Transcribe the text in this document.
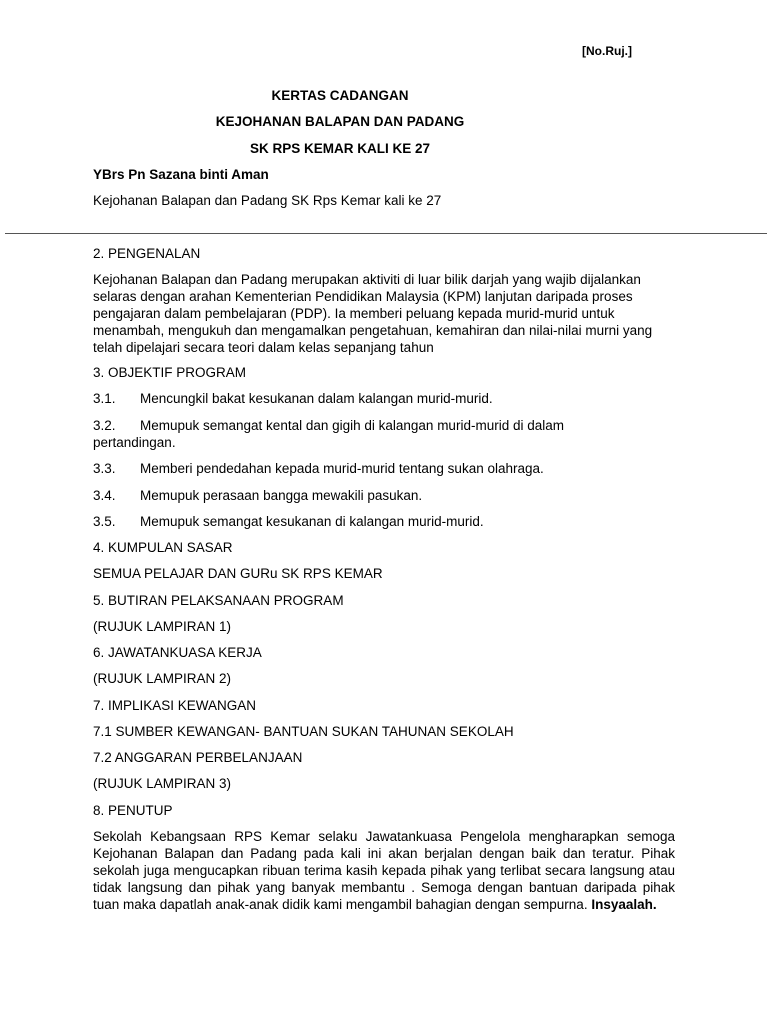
[No.Ruj.]
KERTAS CADANGAN
KEJOHANAN BALAPAN DAN PADANG
SK RPS KEMAR KALI KE 27
YBrs Pn Sazana binti Aman
Kejohanan Balapan dan Padang SK Rps Kemar kali ke 27
2. PENGENALAN

Kejohanan Balapan dan Padang merupakan aktiviti di luar bilik darjah yang wajib dijalankan selaras dengan arahan Kementerian Pendidikan Malaysia (KPM) lanjutan daripada proses pengajaran dalam pembelajaran (PDP). Ia memberi peluang kepada murid-murid untuk menambah, mengukuh dan mengamalkan pengetahuan, kemahiran dan nilai-nilai murni yang telah dipelajari secara teori dalam kelas sepanjang tahun

3. OBJEKTIF PROGRAM
3.1. Mencungkil bakat kesukanan dalam kalangan murid-murid.
3.2. Memupuk semangat kental dan gigih di kalangan murid-murid di dalam
pertandingan.
3.3. Memberi pendedahan kepada murid-murid tentang sukan olahraga.
3.4. Memupuk perasaan bangga mewakili pasukan.
3.5. Memupuk semangat kesukanan di kalangan murid-murid.
4. KUMPULAN SASAR
SEMUA PELAJAR DAN GURu SK RPS KEMAR
5. BUTIRAN PELAKSANAAN PROGRAM
(RUJUK LAMPIRAN 1)
6. JAWATANKUASA KERJA
(RUJUK LAMPIRAN 2)
7. IMPLIKASI KEWANGAN
7.1 SUMBER KEWANGAN- BANTUAN SUKAN TAHUNAN SEKOLAH
7.2 ANGGARAN PERBELANJAAN
(RUJUK LAMPIRAN 3)
8. PENUTUP

Sekolah Kebangsaan RPS Kemar selaku Jawatankuasa Pengelola mengharapkan semoga Kejohanan Balapan dan Padang pada kali ini akan berjalan dengan baik dan teratur. Pihak sekolah juga mengucapkan ribuan terima kasih kepada pihak yang terlibat secara langsung atau tidak langsung dan pihak yang banyak membantu . Semoga dengan bantuan daripada pihak tuan maka dapatlah anak-anak didik kami mengambil bahagian dengan sempurna. Insyaalah.
